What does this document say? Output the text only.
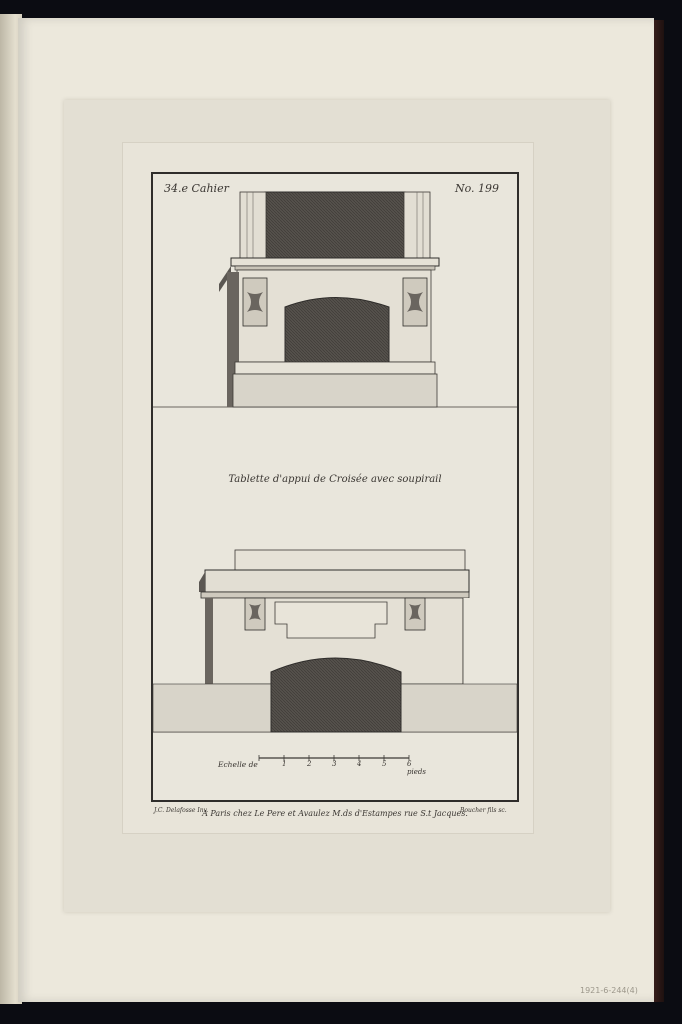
34.e Cahier	No. 199
Tablette d'appui de Croisée avec soupirail
Echelle de	1	2	3	4	5	6 pieds
J.C. Delafosse Inv.
A Paris chez Le Pere et Avaulez M.ds d'Estampes rue S.t Jacques.
Boucher fils sc.
1921-6-244(4)
